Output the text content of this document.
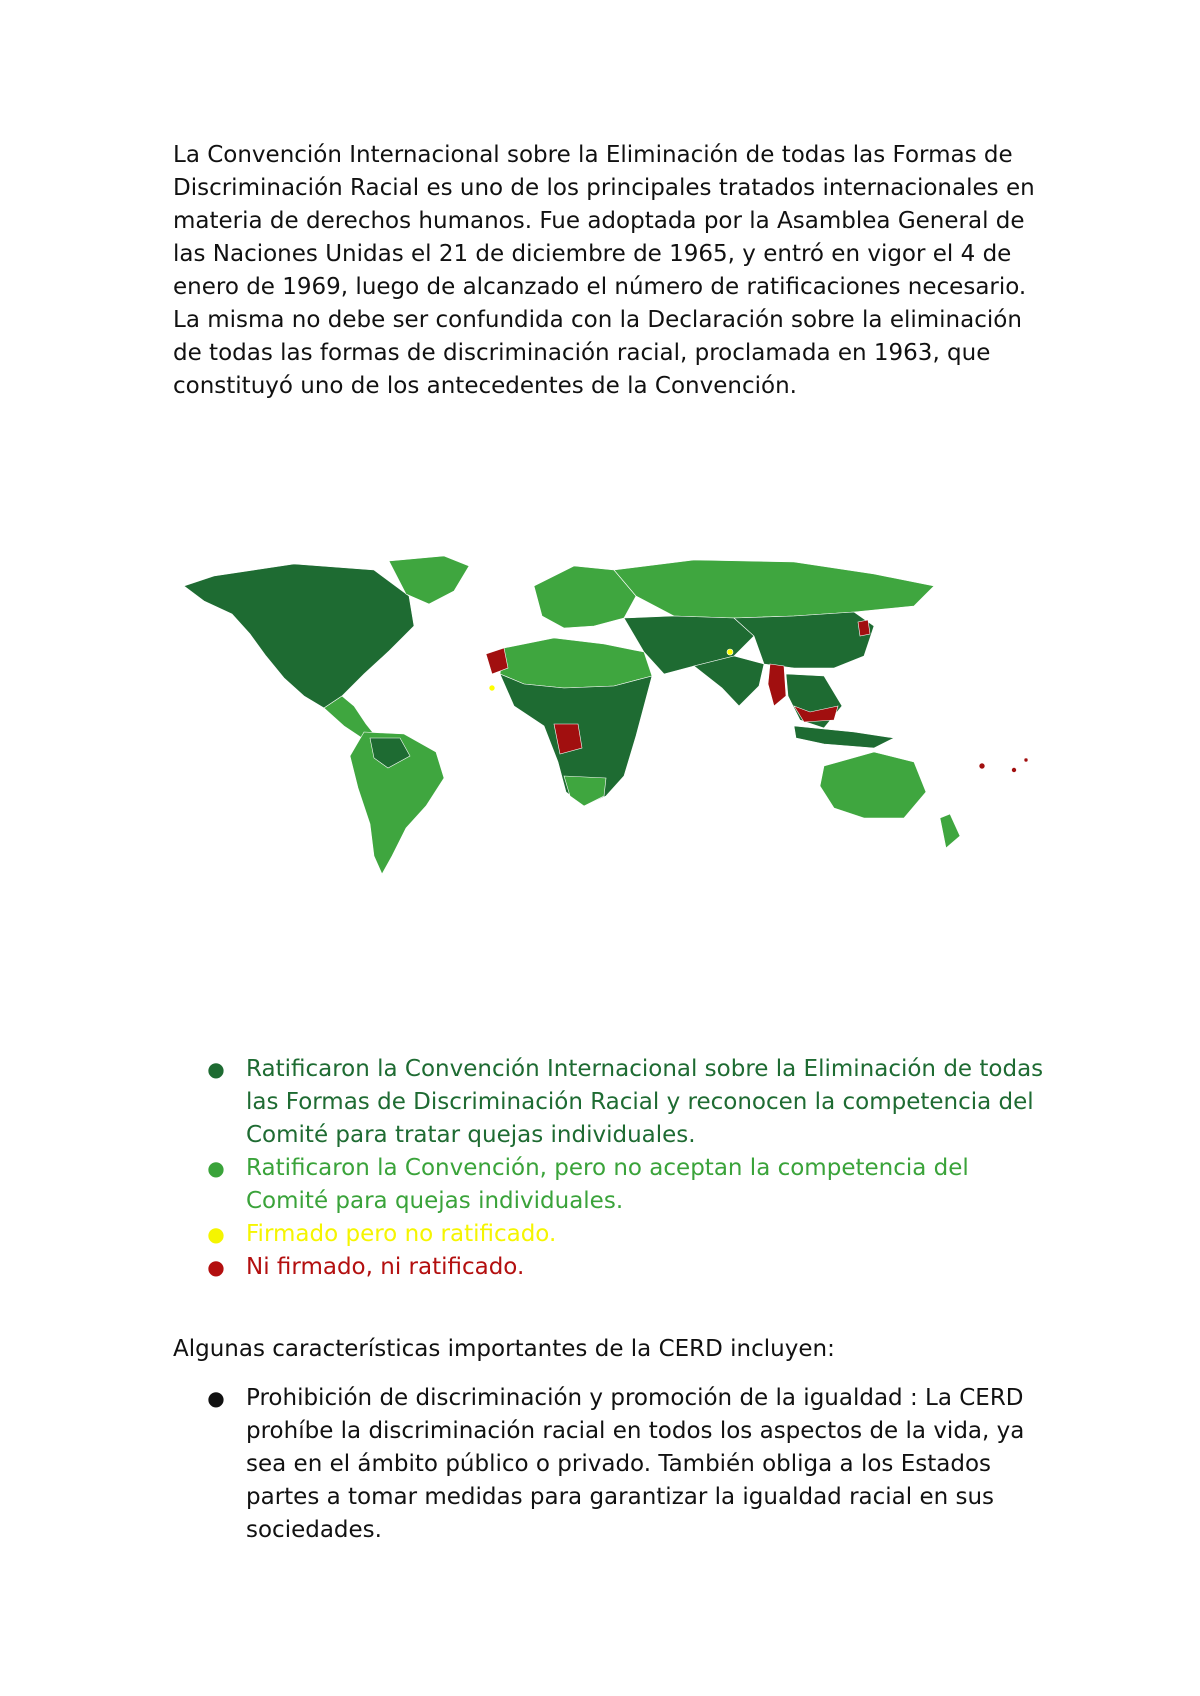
La Convención Internacional sobre la Eliminación de todas las Formas de Discriminación Racial es uno de los principales tratados internacionales en materia de derechos humanos. Fue adoptada por la Asamblea General de las Naciones Unidas el 21 de diciembre de 1965, y entró en vigor el 4 de enero de 1969, luego de alcanzado el número de ratificaciones necesario. La misma no debe ser confundida con la Declaración sobre la eliminación de todas las formas de discriminación racial, proclamada en 1963, que constituyó uno de los antecedentes de la Convención.

● Ratificaron la Convención Internacional sobre la Eliminación de todas las Formas de Discriminación Racial y reconocen la competencia del Comité para tratar quejas individuales.
● Ratificaron la Convención, pero no aceptan la competencia del Comité para quejas individuales.
● Firmado pero no ratificado.
● Ni firmado, ni ratificado.

Algunas características importantes de la CERD incluyen:

● Prohibición de discriminación y promoción de la igualdad : La CERD prohíbe la discriminación racial en todos los aspectos de la vida, ya sea en el ámbito público o privado. También obliga a los Estados partes a tomar medidas para garantizar la igualdad racial en sus sociedades.
